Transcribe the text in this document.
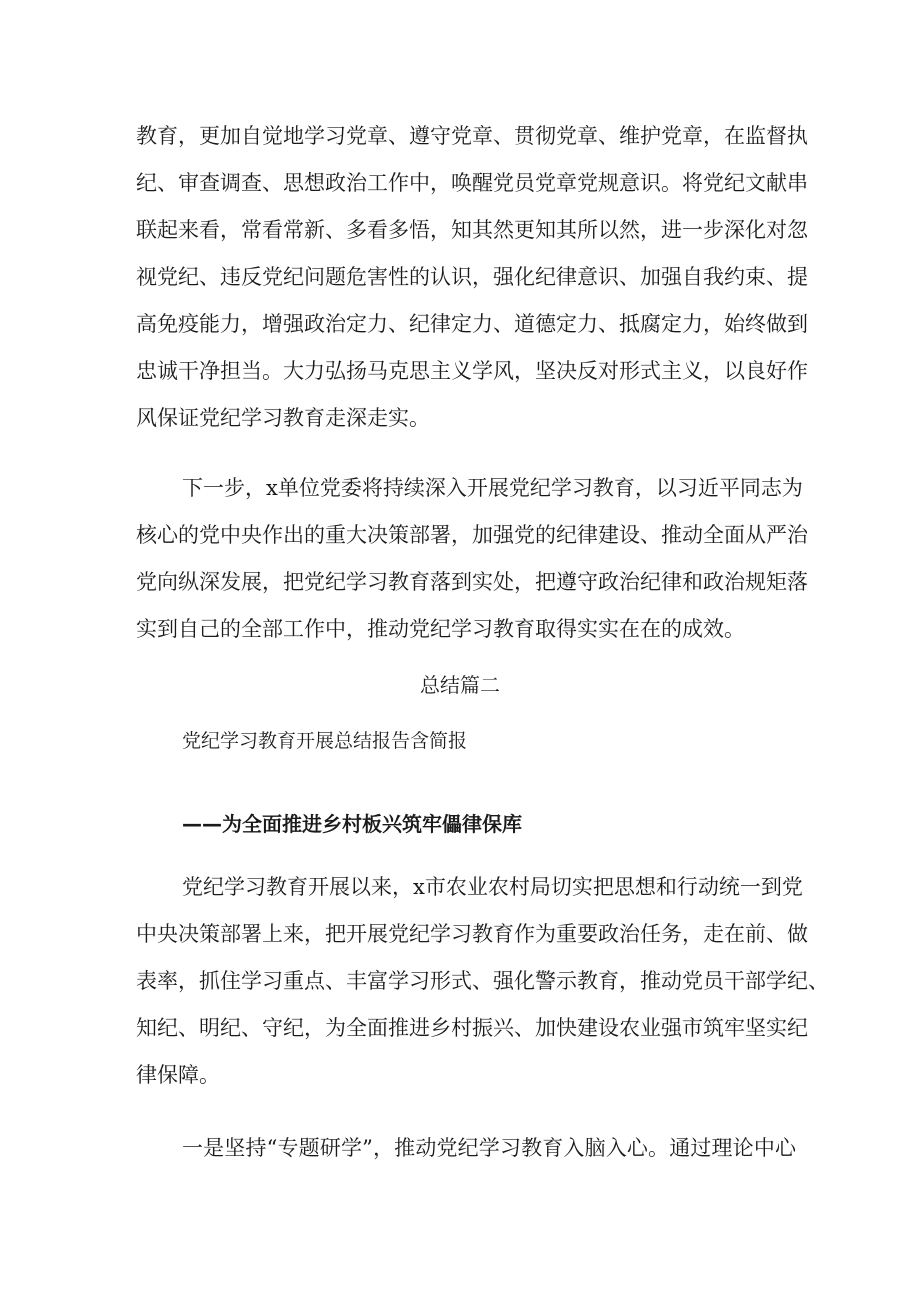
教育，更加自觉地学习党章、遵守党章、贯彻党章、维护党章，在监督执
纪、审查调查、思想政治工作中，唤醒党员党章党规意识。将党纪文献串
联起来看，常看常新、多看多悟，知其然更知其所以然，进一步深化对忽
视党纪、违反党纪问题危害性的认识，强化纪律意识、加强自我约束、提
高免疫能力，增强政治定力、纪律定力、道德定力、抵腐定力，始终做到
忠诚干净担当。大力弘扬马克思主义学风，坚决反对形式主义，以良好作
风保证党纪学习教育走深走实。
下一步，x单位党委将持续深入开展党纪学习教育，以习近平同志为
核心的党中央作出的重大决策部署，加强党的纪律建设、推动全面从严治
党向纵深发展，把党纪学习教育落到实处，把遵守政治纪律和政治规矩落
实到自己的全部工作中，推动党纪学习教育取得实实在在的成效。
总结篇二
党纪学习教育开展总结报告含简报
——为全面推进乡村板兴筑牢儡律保库
党纪学习教育开展以来，x市农业农村局切实把思想和行动统一到党
中央决策部署上来，把开展党纪学习教育作为重要政治任务，走在前、做
表率，抓住学习重点、丰富学习形式、强化警示教育，推动党员干部学纪、
知纪、明纪、守纪，为全面推进乡村振兴、加快建设农业强市筑牢坚实纪
律保障。
一是坚持“专题研学”，推动党纪学习教育入脑入心。通过理论中心
